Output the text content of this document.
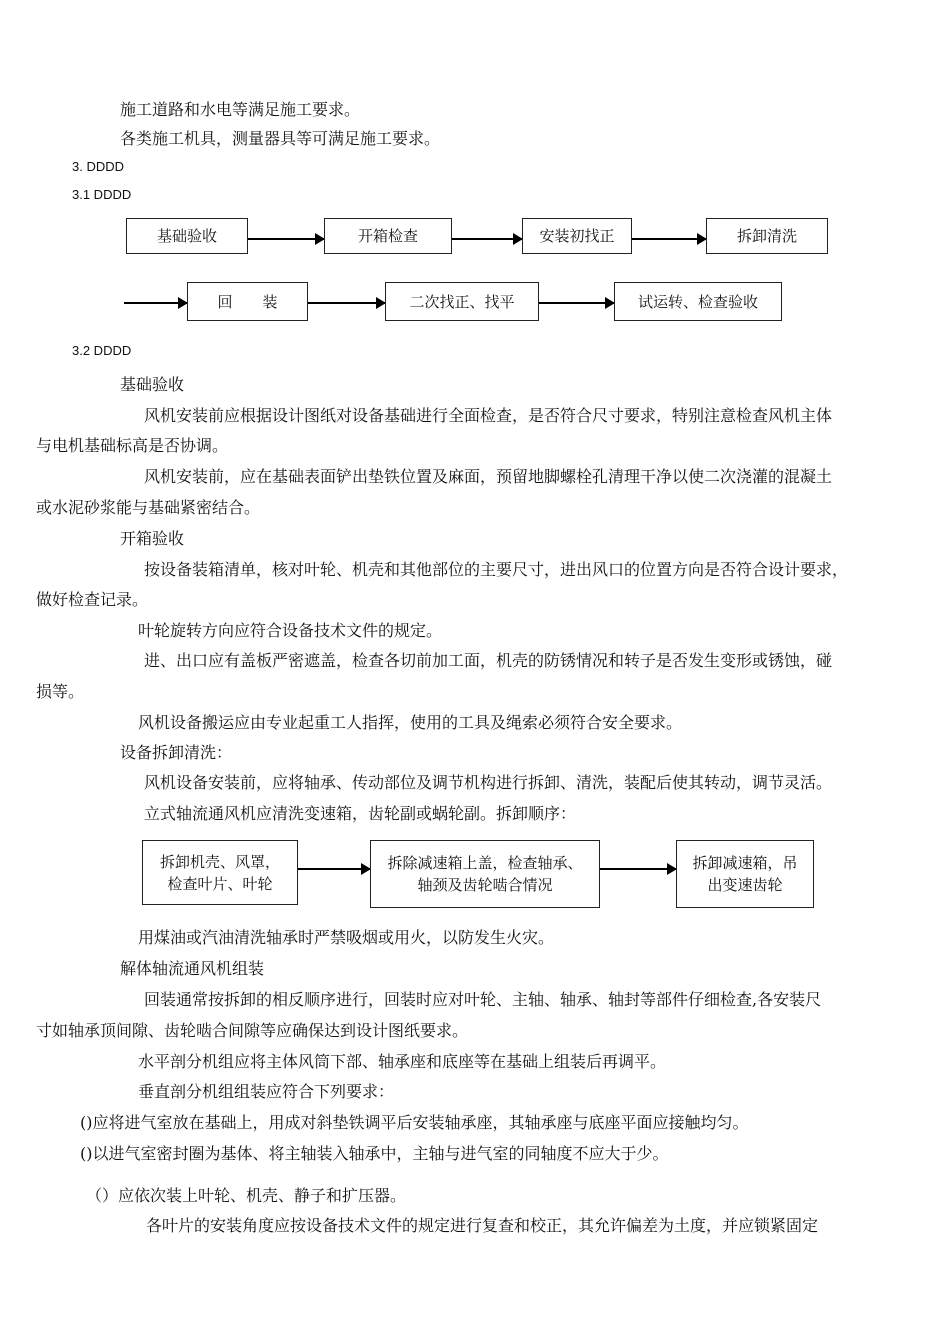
施工道路和水电等满足施工要求。
各类施工机具，测量器具等可满足施工要求。
3. DDDD
3.1 DDDD
基础验收	开箱检查	安装初找正	拆卸清洗
回　　装	二次找正、找平	试运转、检查验收
3.2 DDDD
基础验收
风机安装前应根据设计图纸对设备基础进行全面检查，是否符合尺寸要求，特别注意检查风机主体
与电机基础标高是否协调。
风机安装前，应在基础表面铲出垫铁位置及麻面，预留地脚螺栓孔清理干净以使二次浇灌的混凝土
或水泥砂浆能与基础紧密结合。
开箱验收
按设备装箱清单，核对叶轮、机壳和其他部位的主要尺寸，进出风口的位置方向是否符合设计要求，
做好检查记录。
叶轮旋转方向应符合设备技术文件的规定。
进、出口应有盖板严密遮盖，检查各切前加工面，机壳的防锈情况和转子是否发生变形或锈蚀，碰
损等。
风机设备搬运应由专业起重工人指挥，使用的工具及绳索必须符合安全要求。
设备拆卸清洗：
风机设备安装前，应将轴承、传动部位及调节机构进行拆卸、清洗，装配后使其转动，调节灵活。
立式轴流通风机应清洗变速箱，齿轮副或蜗轮副。拆卸顺序：
拆卸机壳、风罩，
检查叶片、叶轮
拆除减速箱上盖，检查轴承、
轴颈及齿轮啮合情况
拆卸减速箱，吊
出变速齿轮
用煤油或汽油清洗轴承时严禁吸烟或用火，以防发生火灾。
解体轴流通风机组装
回装通常按拆卸的相反顺序进行，回装时应对叶轮、主轴、轴承、轴封等部件仔细检查,各安装尺
寸如轴承顶间隙、齿轮啮合间隙等应确保达到设计图纸要求。
水平剖分机组应将主体风筒下部、轴承座和底座等在基础上组装后再调平。
垂直剖分机组组装应符合下列要求：
()应将进气室放在基础上，用成对斜垫铁调平后安装轴承座，其轴承座与底座平面应接触均匀。
()以进气室密封圈为基体、将主轴装入轴承中，主轴与进气室的同轴度不应大于少。
（）应依次装上叶轮、机壳、静子和扩压器。
各叶片的安装角度应按设备技术文件的规定进行复查和校正，其允许偏差为土度，并应锁紧固定
